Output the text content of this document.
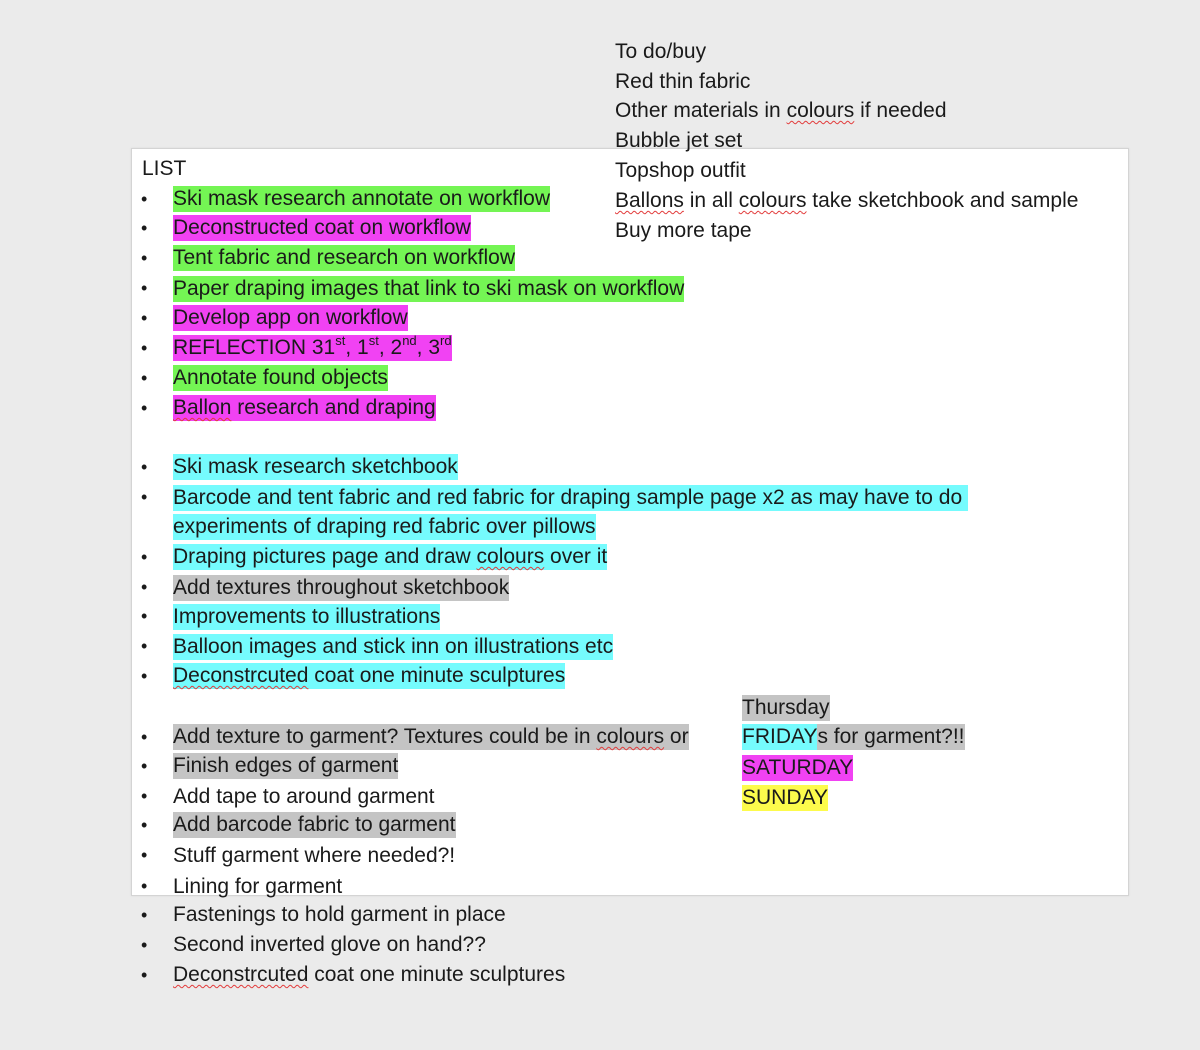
To do/buy
Red thin fabric
Other materials in colours if needed
Bubble jet set
Topshop outfit
Ballons in all colours take sketchbook and sample
Buy more tape
LIST
• Ski mask research annotate on workflow
• Deconstructed coat on workflow
• Tent fabric and research on workflow
• Paper draping images that link to ski mask on workflow
• Develop app on workflow
• REFLECTION 31st, 1st, 2nd, 3rd
• Annotate found objects
• Ballon research and draping
• Ski mask research sketchbook
• Barcode and tent fabric and red fabric for draping sample page x2 as may have to do
experiments of draping red fabric over pillows
• Draping pictures page and draw colours over it
• Add textures throughout sketchbook
• Improvements to illustrations
• Balloon images and stick inn on illustrations etc
• Deconstrcuted coat one minute sculptures
Thursday
• Add texture to garment? Textures could be in colours or	FRIDAYs for garment?!!
• Finish edges of garment	SATURDAY
• Add tape to around garment	SUNDAY
• Add barcode fabric to garment
• Stuff garment where needed?!
• Lining for garment
• Fastenings to hold garment in place
• Second inverted glove on hand??
• Deconstrcuted coat one minute sculptures
